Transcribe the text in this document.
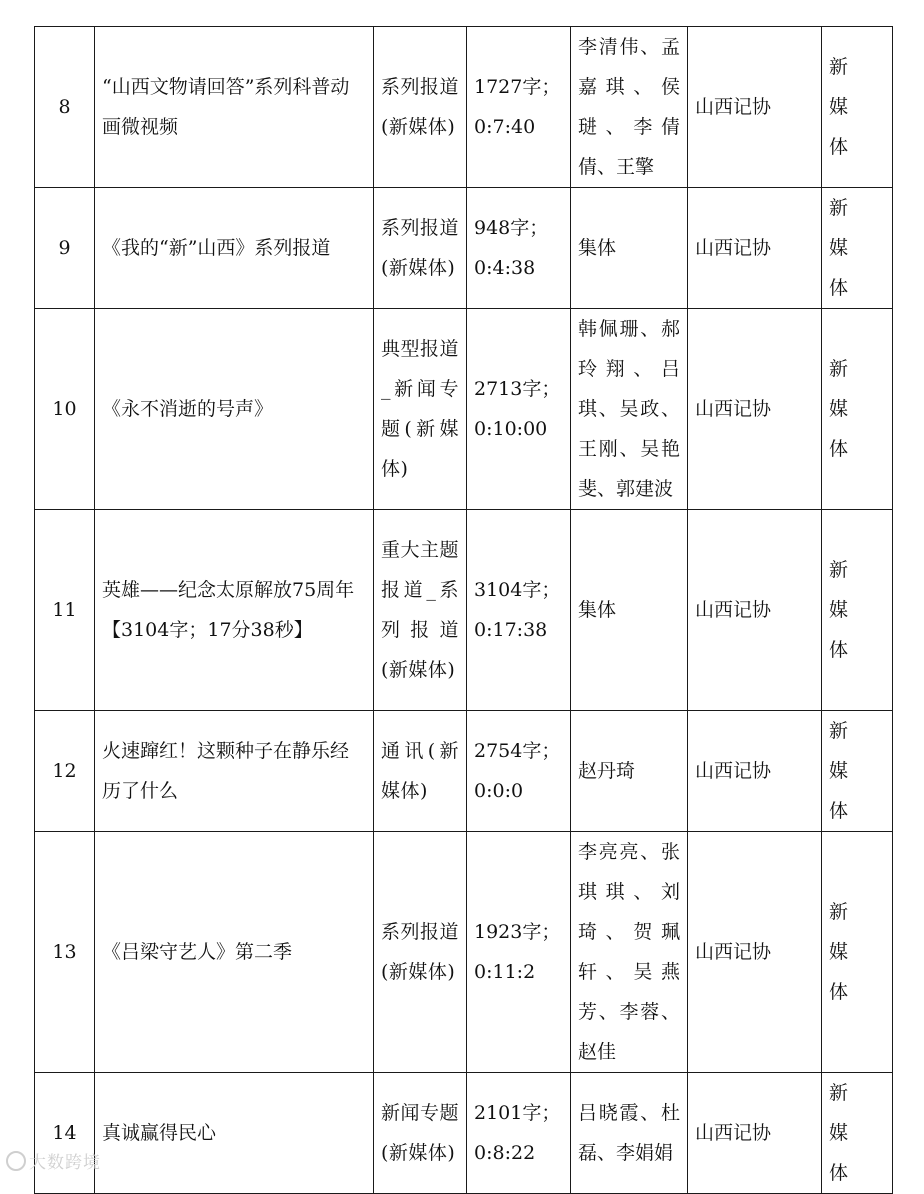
8	“山西文物请回答”系列科普动画微视频	系列报道(新媒体)	1727字；0:7:40	李清伟、孟嘉琪、侯琎、李倩倩、王擎	山西记协	新媒体
9	《我的“新”山西》系列报道	系列报道(新媒体)	948字；0:4:38	集体	山西记协	新媒体
10	《永不消逝的号声》	典型报道_新闻专题(新媒体)	2713字；0:10:00	韩佩珊、郝玲翔、吕琪、吴政、王刚、吴艳斐、郭建波	山西记协	新媒体
11	英雄——纪念太原解放75周年【3104字；17分38秒】	重大主题报道_系列报道(新媒体)	3104字；0:17:38	集体	山西记协	新媒体
12	火速蹿红！这颗种子在静乐经历了什么	通讯(新媒体)	2754字；0:0:0	赵丹琦	山西记协	新媒体
13	《吕梁守艺人》第二季	系列报道(新媒体)	1923字；0:11:2	李亮亮、张琪琪、刘琦、贺珮轩、吴燕芳、李蓉、赵佳	山西记协	新媒体
14	真诚赢得民心	新闻专题(新媒体)	2101字；0:8:22	吕晓霞、杜磊、李娟娟	山西记协	新媒体
大数跨境
